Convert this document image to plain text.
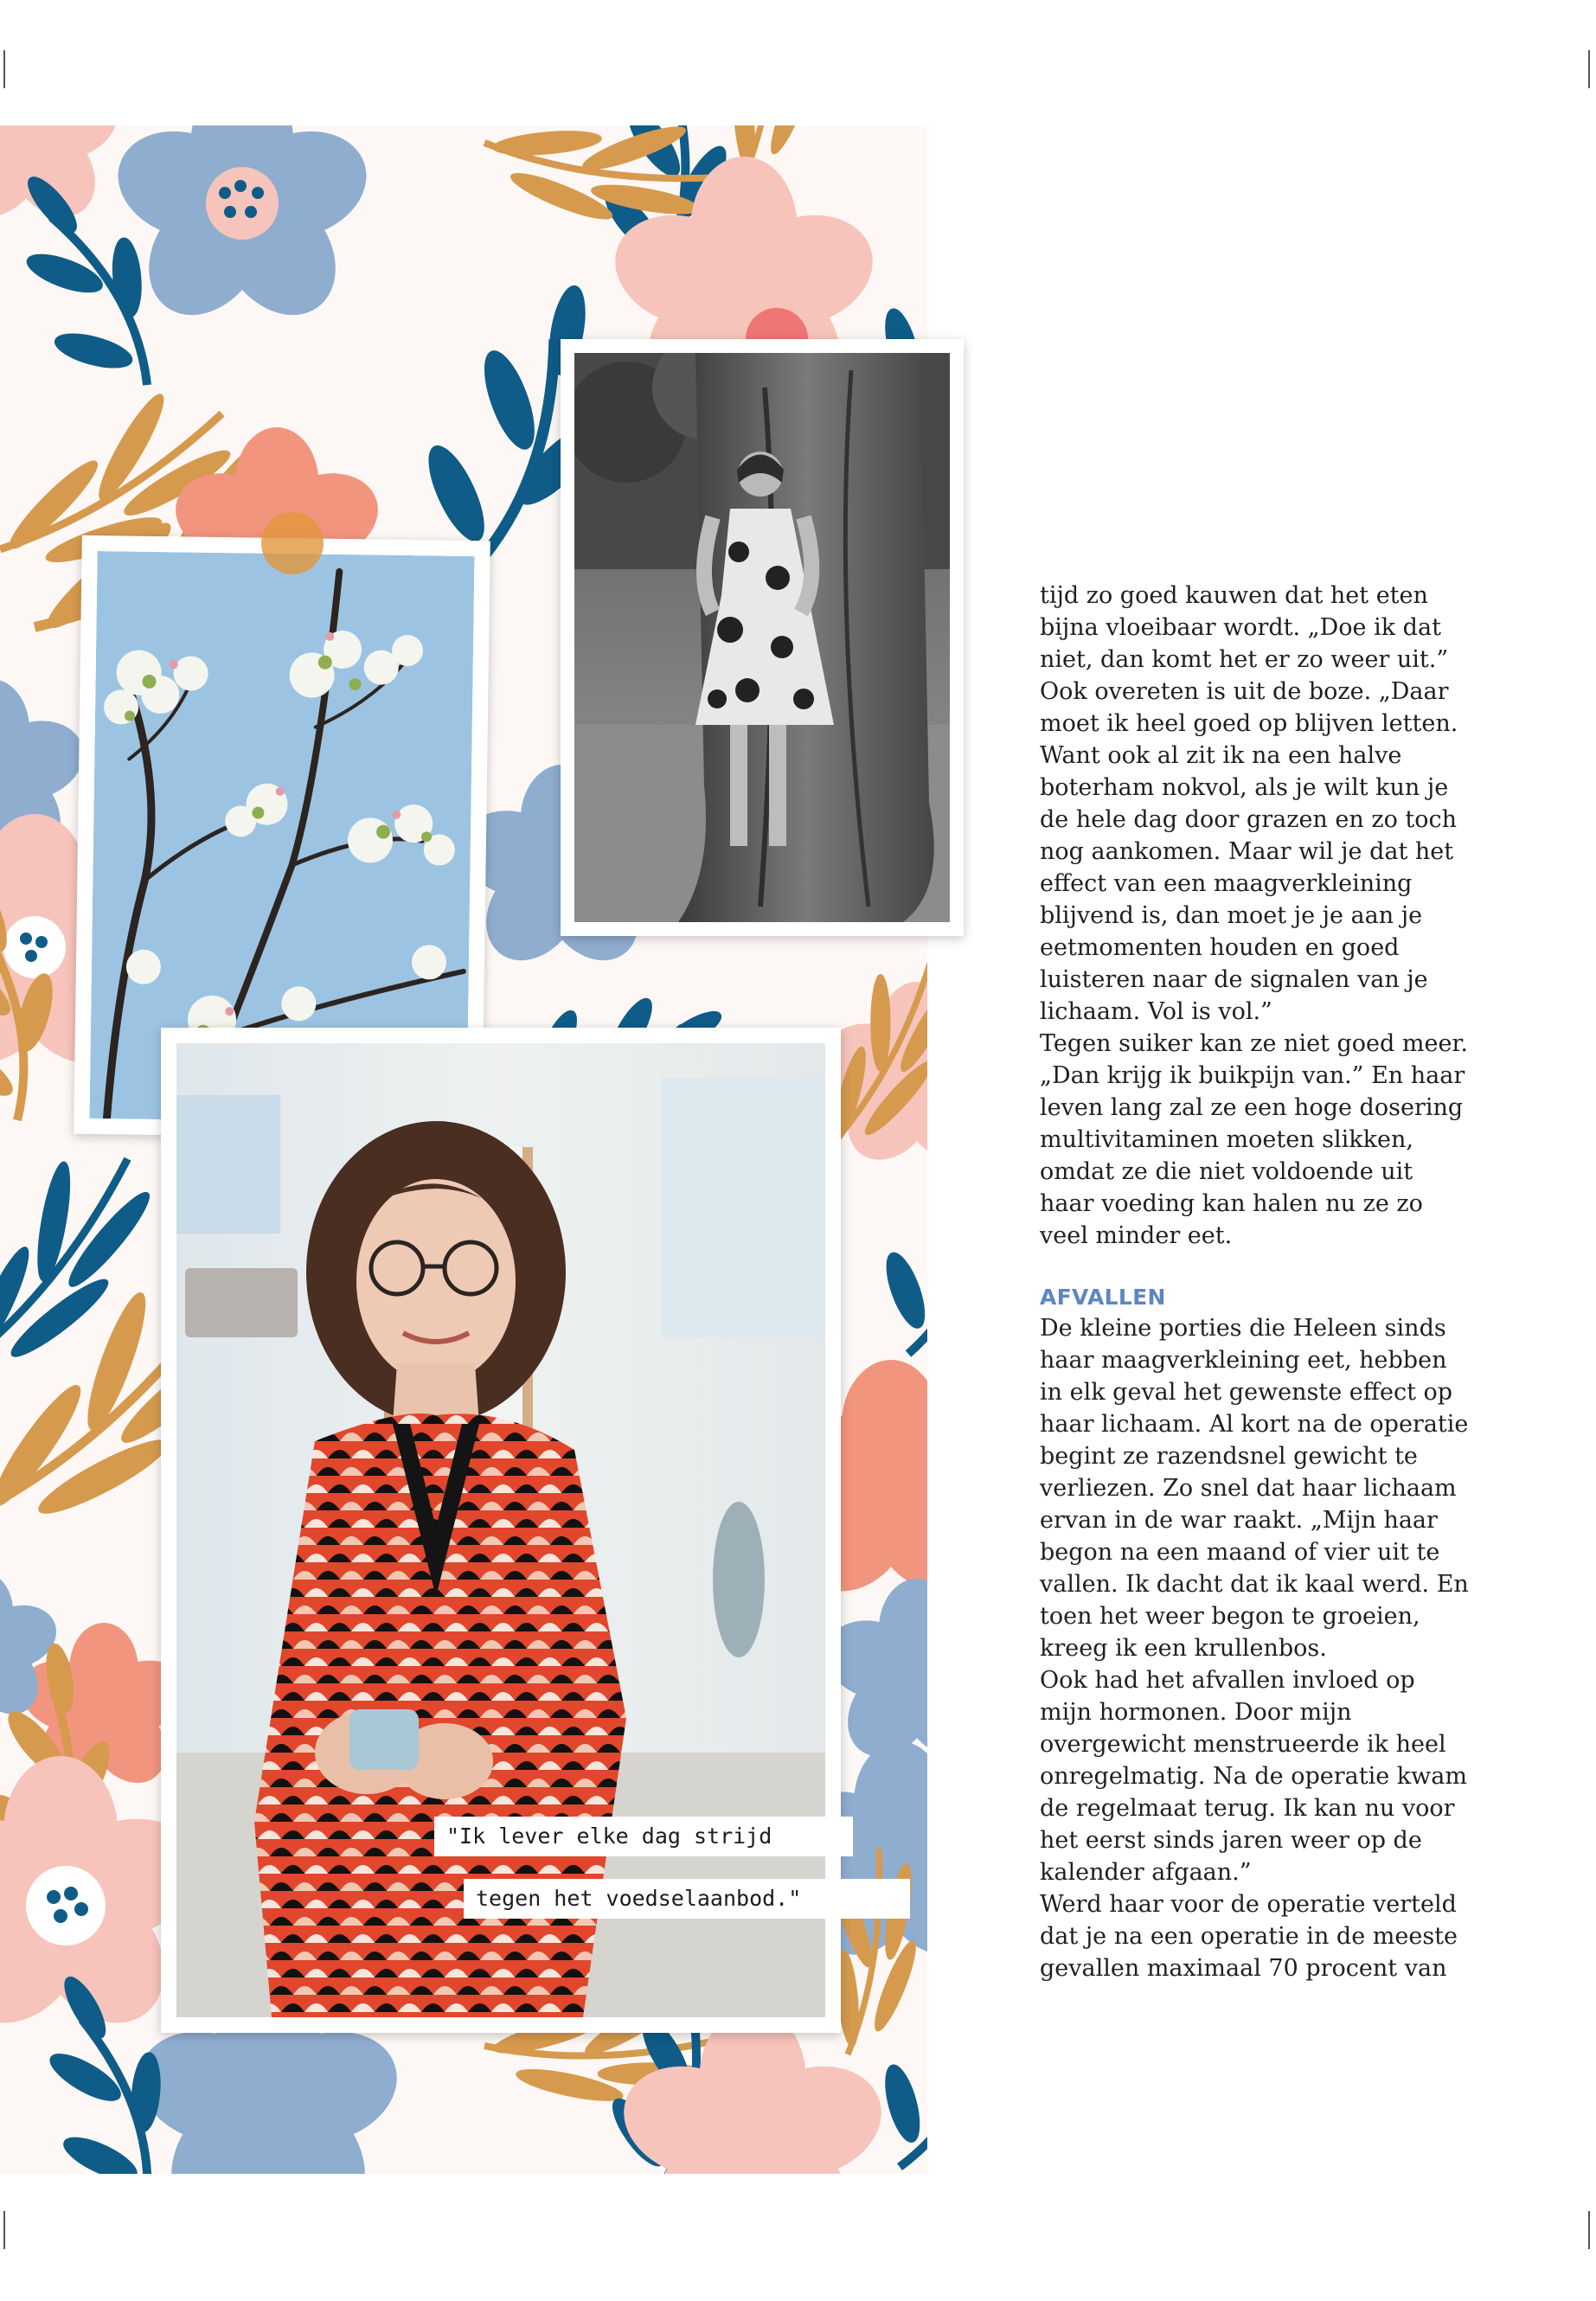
"Ik lever elke dag strijd
tegen het voedselaanbod."

tijd zo goed kauwen dat het eten bijna vloeibaar wordt. „Doe ik dat niet, dan komt het er zo weer uit.” Ook overeten is uit de boze. „Daar moet ik heel goed op blijven letten. Want ook al zit ik na een halve boterham nokvol, als je wilt kun je de hele dag door grazen en zo toch nog aankomen. Maar wil je dat het effect van een maagverkleining blijvend is, dan moet je je aan je eetmomenten houden en goed luisteren naar de signalen van je lichaam. Vol is vol.”

Tegen suiker kan ze niet goed meer. „Dan krijg ik buikpijn van.” En haar leven lang zal ze een hoge dosering multivitaminen moeten slikken, omdat ze die niet voldoende uit haar voeding kan halen nu ze zo veel minder eet.

AFVALLEN

De kleine porties die Heleen sinds haar maagverkleining eet, hebben in elk geval het gewenste effect op haar lichaam. Al kort na de operatie begint ze razendsnel gewicht te verliezen. Zo snel dat haar lichaam ervan in de war raakt. „Mijn haar begon na een maand of vier uit te vallen. Ik dacht dat ik kaal werd. En toen het weer begon te groeien, kreeg ik een krullenbos.

Ook had het afvallen invloed op mijn hormonen. Door mijn overgewicht menstrueerde ik heel onregelmatig. Na de operatie kwam de regelmaat terug. Ik kan nu voor het eerst sinds jaren weer op de kalender afgaan.”

Werd haar voor de operatie verteld dat je na een operatie in de meeste gevallen maximaal 70 procent van
